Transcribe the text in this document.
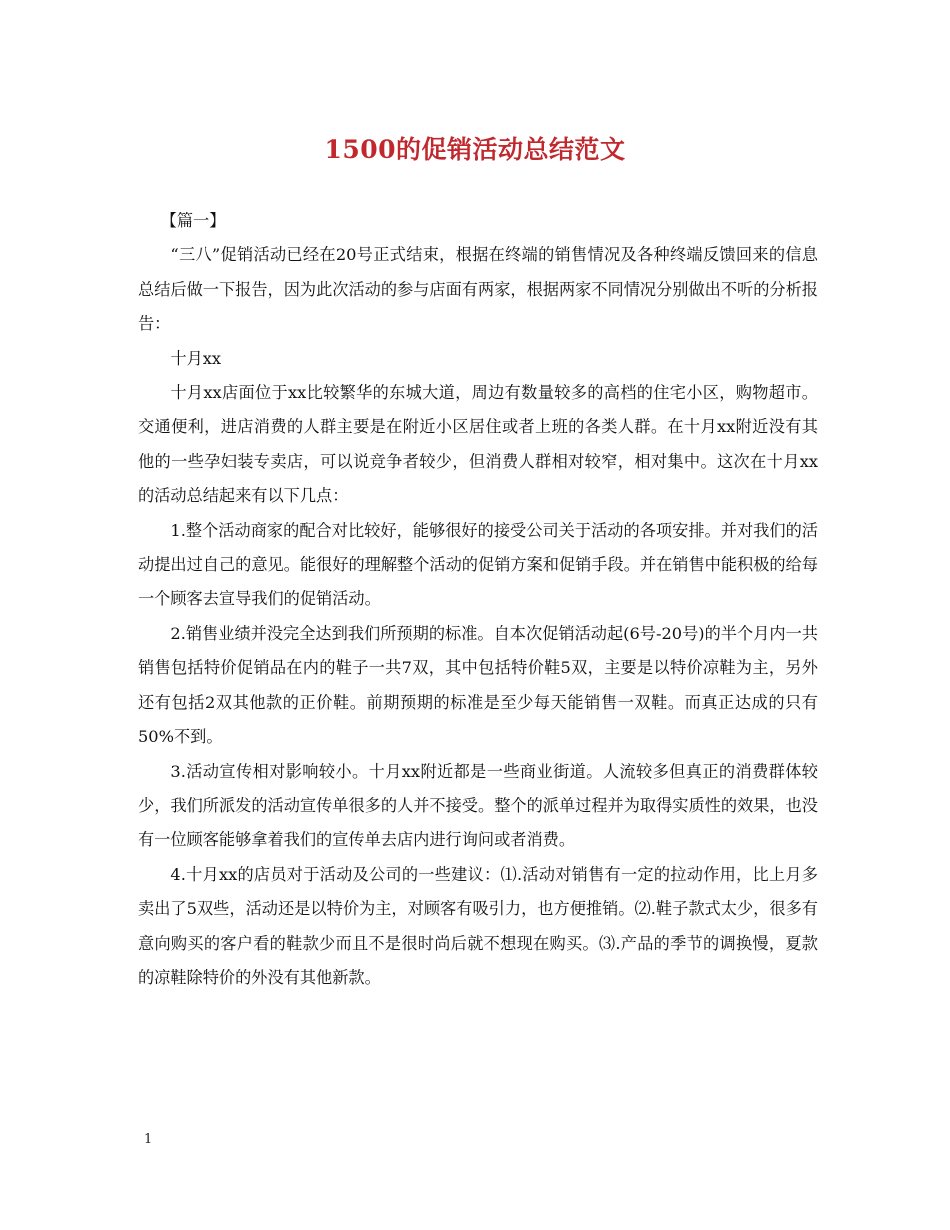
1500的促销活动总结范文

【篇一】

“三八”促销活动已经在20号正式结束，根据在终端的销售情况及各种终端反馈回来的信息总结后做一下报告，因为此次活动的参与店面有两家，根据两家不同情况分别做出不听的分析报告：

十月xx

十月xx店面位于xx比较繁华的东城大道，周边有数量较多的高档的住宅小区，购物超市。交通便利，进店消费的人群主要是在附近小区居住或者上班的各类人群。在十月xx附近没有其他的一些孕妇装专卖店，可以说竞争者较少，但消费人群相对较窄，相对集中。这次在十月xx的活动总结起来有以下几点：

1.整个活动商家的配合对比较好，能够很好的接受公司关于活动的各项安排。并对我们的活动提出过自己的意见。能很好的理解整个活动的促销方案和促销手段。并在销售中能积极的给每一个顾客去宣导我们的促销活动。

2.销售业绩并没完全达到我们所预期的标准。自本次促销活动起(6号-20号)的半个月内一共销售包括特价促销品在内的鞋子一共7双，其中包括特价鞋5双，主要是以特价凉鞋为主，另外还有包括2双其他款的正价鞋。前期预期的标准是至少每天能销售一双鞋。而真正达成的只有50%不到。

3.活动宣传相对影响较小。十月xx附近都是一些商业街道。人流较多但真正的消费群体较少，我们所派发的活动宣传单很多的人并不接受。整个的派单过程并为取得实质性的效果，也没有一位顾客能够拿着我们的宣传单去店内进行询问或者消费。

4.十月xx的店员对于活动及公司的一些建议：⑴.活动对销售有一定的拉动作用，比上月多卖出了5双些，活动还是以特价为主，对顾客有吸引力，也方便推销。⑵.鞋子款式太少，很多有意向购买的客户看的鞋款少而且不是很时尚后就不想现在购买。⑶.产品的季节的调换慢，夏款的凉鞋除特价的外没有其他新款。

1
